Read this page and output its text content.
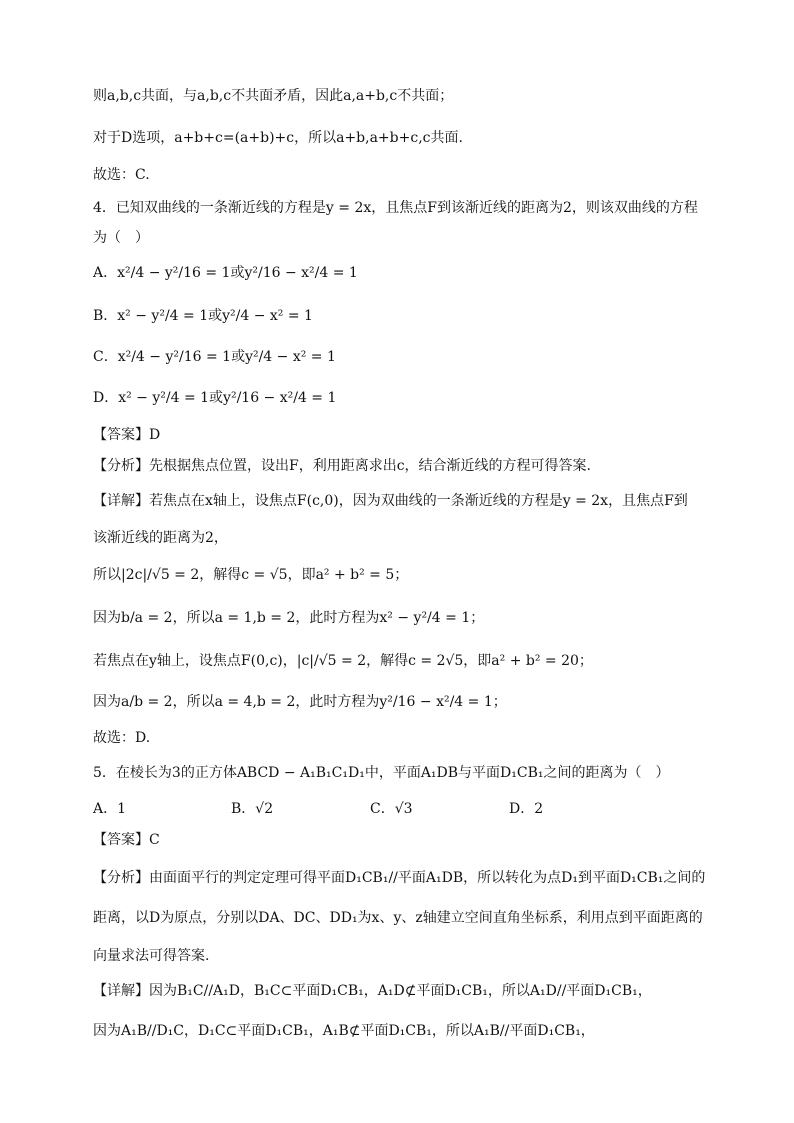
则a,b,c共面，与a,b,c不共面矛盾，因此a,a+b,c不共面；
对于D选项，a+b+c=(a+b)+c，所以a+b,a+b+c,c共面.
故选：C.
4．已知双曲线的一条渐近线的方程是y = 2x，且焦点F到该渐近线的距离为2，则该双曲线的方程
为（　）
A．x²/4 − y²/16 = 1或y²/16 − x²/4 = 1
B．x² − y²/4 = 1或y²/4 − x² = 1
C．x²/4 − y²/16 = 1或y²/4 − x² = 1
D．x² − y²/4 = 1或y²/16 − x²/4 = 1
【答案】D
【分析】先根据焦点位置，设出F，利用距离求出c，结合渐近线的方程可得答案.
【详解】若焦点在x轴上，设焦点F(c,0)，因为双曲线的一条渐近线的方程是y = 2x，且焦点F到
该渐近线的距离为2，
所以|2c|/√5 = 2，解得c = √5，即a² + b² = 5；
因为b/a = 2，所以a = 1,b = 2，此时方程为x² − y²/4 = 1；
若焦点在y轴上，设焦点F(0,c)，|c|/√5 = 2，解得c = 2√5，即a² + b² = 20；
因为a/b = 2，所以a = 4,b = 2，此时方程为y²/16 − x²/4 = 1；
故选：D.
5．在棱长为3的正方体ABCD − A₁B₁C₁D₁中，平面A₁DB与平面D₁CB₁之间的距离为（　）
A．1	B．√2	C．√3	D．2
【答案】C
【分析】由面面平行的判定定理可得平面D₁CB₁//平面A₁DB，所以转化为点D₁到平面D₁CB₁之间的
距离，以D为原点，分别以DA、DC、DD₁为x、y、z轴建立空间直角坐标系，利用点到平面距离的
向量求法可得答案.
【详解】因为B₁C//A₁D，B₁C⊂平面D₁CB₁，A₁D⊄平面D₁CB₁，所以A₁D//平面D₁CB₁，
因为A₁B//D₁C，D₁C⊂平面D₁CB₁，A₁B⊄平面D₁CB₁，所以A₁B//平面D₁CB₁，
